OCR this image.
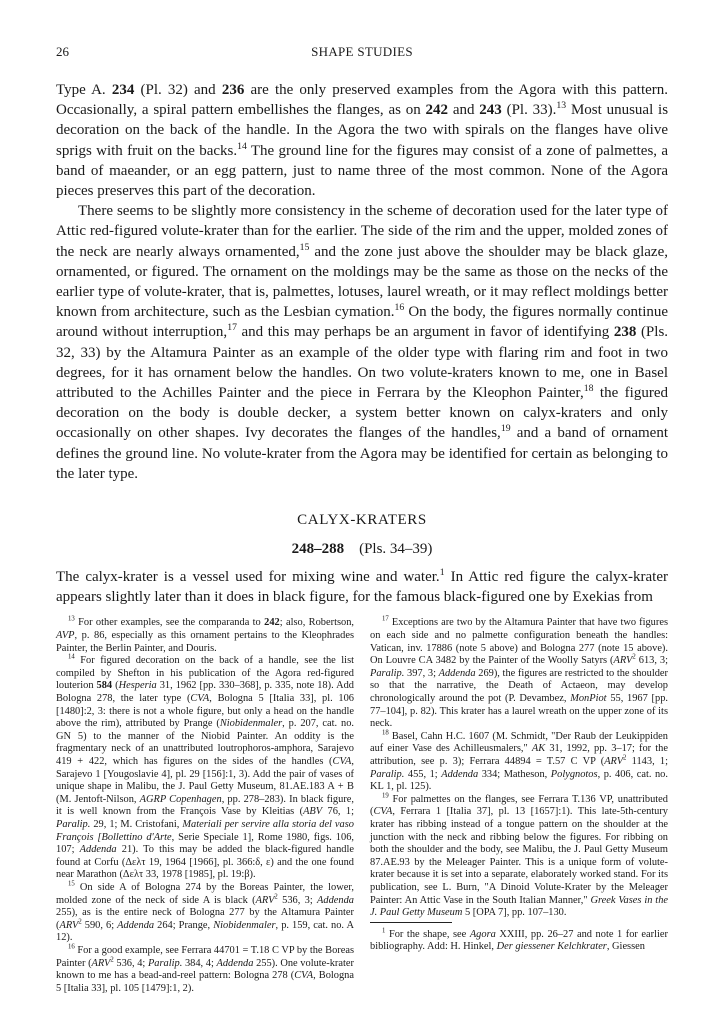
26	SHAPE STUDIES

Type A. 234 (Pl. 32) and 236 are the only preserved examples from the Agora with this pattern. Occasionally, a spiral pattern embellishes the flanges, as on 242 and 243 (Pl. 33).$^{13}$ Most unusual is decoration on the back of the handle. In the Agora the two with spirals on the flanges have olive sprigs with fruit on the backs.$^{14}$ The ground line for the figures may consist of a zone of palmettes, a band of maeander, or an egg pattern, just to name three of the most common. None of the Agora pieces preserves this part of the decoration.

There seems to be slightly more consistency in the scheme of decoration used for the later type of Attic red-figured volute-krater than for the earlier. The side of the rim and the upper, molded zones of the neck are nearly always ornamented,$^{15}$ and the zone just above the shoulder may be black glaze, ornamented, or figured. The ornament on the moldings may be the same as those on the necks of the earlier type of volute-krater, that is, palmettes, lotuses, laurel wreath, or it may reflect moldings better known from architecture, such as the Lesbian cymation.$^{16}$ On the body, the figures normally continue around without interruption,$^{17}$ and this may perhaps be an argument in favor of identifying 238 (Pls. 32, 33) by the Altamura Painter as an example of the older type with flaring rim and foot in two degrees, for it has ornament below the handles. On two volute-kraters known to me, one in Basel attributed to the Achilles Painter and the piece in Ferrara by the Kleophon Painter,$^{18}$ the figured decoration on the body is double decker, a system better known on calyx-kraters and only occasionally on other shapes. Ivy decorates the flanges of the handles,$^{19}$ and a band of ornament defines the ground line. No volute-krater from the Agora may be identified for certain as belonging to the later type.

CALYX-KRATERS
248–288 (Pls. 34–39)

The calyx-krater is a vessel used for mixing wine and water.$^1$ In Attic red figure the calyx-krater appears slightly later than it does in black figure, for the famous black-figured one by Exekias from

$^{13}$ For other examples, see the comparanda to 242; also, Robertson, AVP, p. 86, especially as this ornament pertains to the Kleophrades Painter, the Berlin Painter, and Douris.

$^{14}$ For figured decoration on the back of a handle, see the list compiled by Shefton in his publication of the Agora red-figured louterion 584 (Hesperia 31, 1962 [pp. 330–368], p. 335, note 18). Add Bologna 278, the later type (CVA, Bologna 5 [Italia 33], pl. 106 [1480]:2, 3: there is not a whole figure, but only a head on the handle above the rim), attributed by Prange (Niobidenmaler, p. 207, cat. no. GN 5) to the manner of the Niobid Painter. An oddity is the fragmentary neck of an unattributed loutrophoros-amphora, Sarajevo 419 + 422, which has figures on the sides of the handles (CVA, Sarajevo 1 [Yougoslavie 4], pl. 29 [156]:1, 3). Add the pair of vases of unique shape in Malibu, the J. Paul Getty Museum, 81.AE.183 A + B (M. Jentoft-Nilson, AGRP Copenhagen, pp. 278–283). In black figure, it is well known from the François Vase by Kleitias (ABV 76, 1; Paralip. 29, 1; M. Cristofani, Materiali per servire alla storia del vaso François [Bollettino d'Arte, Serie Speciale 1], Rome 1980, figs. 106, 107; Addenda 21). To this may be added the black-figured handle found at Corfu (Δελτ 19, 1964 [1966], pl. 366:δ, ε) and the one found near Marathon (Δελτ 33, 1978 [1985], pl. 19:β).

$^{15}$ On side A of Bologna 274 by the Boreas Painter, the lower, molded zone of the neck of side A is black (ARV$^2$ 536, 3; Addenda 255), as is the entire neck of Bologna 277 by the Altamura Painter (ARV$^2$ 590, 6; Addenda 264; Prange, Niobidenmaler, p. 159, cat. no. A 12).

$^{16}$ For a good example, see Ferrara 44701 = T.18 C VP by the Boreas Painter (ARV$^2$ 536, 4; Paralip. 384, 4; Addenda 255). One volute-krater known to me has a bead-and-reel pattern: Bologna 278 (CVA, Bologna 5 [Italia 33], pl. 105 [1479]:1, 2).

$^{17}$ Exceptions are two by the Altamura Painter that have two figures on each side and no palmette configuration beneath the handles: Vatican, inv. 17886 (note 5 above) and Bologna 277 (note 15 above). On Louvre CA 3482 by the Painter of the Woolly Satyrs (ARV$^2$ 613, 3; Paralip. 397, 3; Addenda 269), the figures are restricted to the shoulder so that the narrative, the Death of Actaeon, may develop chronologically around the pot (P. Devambez, MonPiot 55, 1967 [pp. 77–104], p. 82). This krater has a laurel wreath on the upper zone of its neck.

$^{18}$ Basel, Cahn H.C. 1607 (M. Schmidt, "Der Raub der Leukippiden auf einer Vase des Achilleusmalers," AK 31, 1992, pp. 3–17; for the attribution, see p. 3); Ferrara 44894 = T.57 C VP (ARV$^2$ 1143, 1; Paralip. 455, 1; Addenda 334; Matheson, Polygnotos, p. 406, cat. no. KL 1, pl. 125).

$^{19}$ For palmettes on the flanges, see Ferrara T.136 VP, unattributed (CVA, Ferrara 1 [Italia 37], pl. 13 [1657]:1). This late-5th-century krater has ribbing instead of a tongue pattern on the shoulder at the junction with the neck and ribbing below the figures. For ribbing on both the shoulder and the body, see Malibu, the J. Paul Getty Museum 87.AE.93 by the Meleager Painter. This is a unique form of volute-krater because it is set into a separate, elaborately worked stand. For its publication, see L. Burn, "A Dinoid Volute-Krater by the Meleager Painter: An Attic Vase in the South Italian Manner," Greek Vases in the J. Paul Getty Museum 5 [OPA 7], pp. 107–130.

$^1$ For the shape, see Agora XXIII, pp. 26–27 and note 1 for earlier bibliography. Add: H. Hinkel, Der giessener Kelchkrater, Giessen
